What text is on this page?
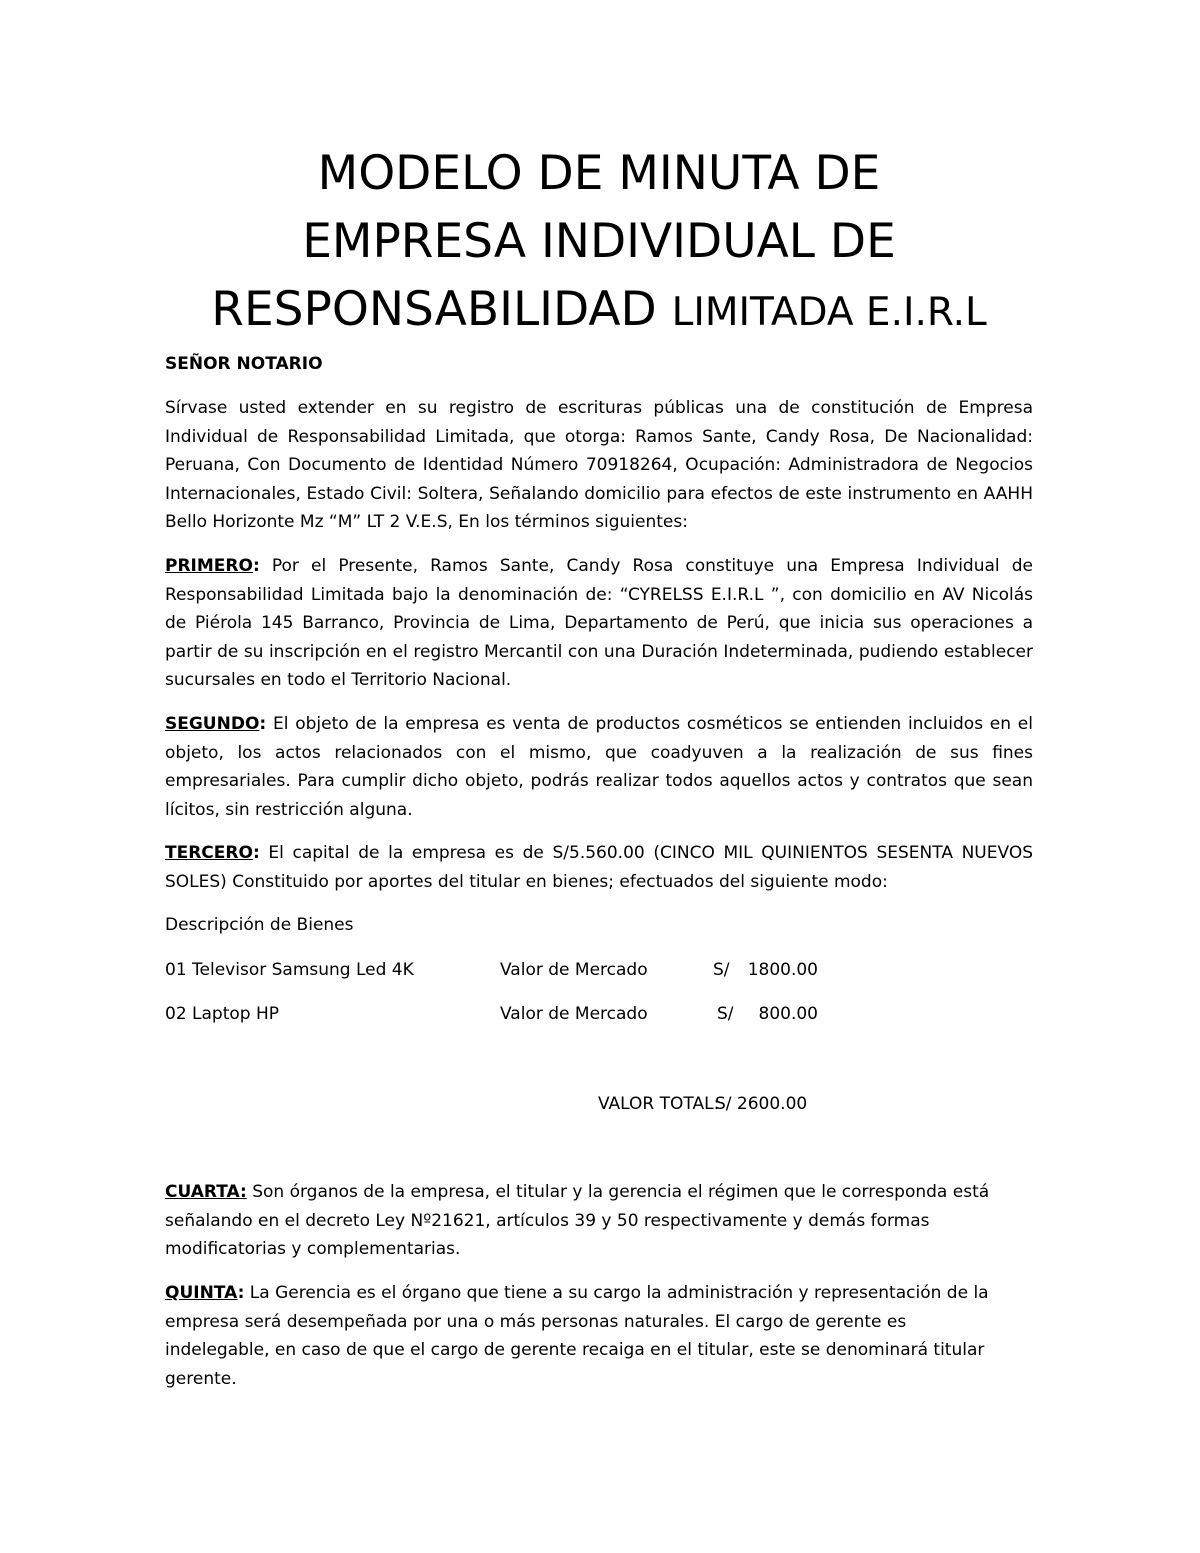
MODELO DE MINUTA DE
EMPRESA INDIVIDUAL DE
RESPONSABILIDAD LIMITADA E.I.R.L

SEÑOR NOTARIO

Sírvase usted extender en su registro de escrituras públicas una de constitución de Empresa Individual de Responsabilidad Limitada, que otorga: Ramos Sante, Candy Rosa, De Nacionalidad: Peruana, Con Documento de Identidad Número 70918264, Ocupación: Administradora de Negocios Internacionales, Estado Civil: Soltera, Señalando domicilio para efectos de este instrumento en AAHH Bello Horizonte Mz “M” LT 2 V.E.S, En los términos siguientes:

PRIMERO: Por el Presente, Ramos Sante, Candy Rosa constituye una Empresa Individual de Responsabilidad Limitada bajo la denominación de: “CYRELSS E.I.R.L ”, con domicilio en AV Nicolás de Piérola 145 Barranco, Provincia de Lima, Departamento de Perú, que inicia sus operaciones a partir de su inscripción en el registro Mercantil con una Duración Indeterminada, pudiendo establecer sucursales en todo el Territorio Nacional.

SEGUNDO: El objeto de la empresa es venta de productos cosméticos se entienden incluidos en el objeto, los actos relacionados con el mismo, que coadyuven a la realización de sus fines empresariales. Para cumplir dicho objeto, podrás realizar todos aquellos actos y contratos que sean lícitos, sin restricción alguna.

TERCERO: El capital de la empresa es de S/5.560.00 (CINCO MIL QUINIENTOS SESENTA NUEVOS SOLES) Constituido por aportes del titular en bienes; efectuados del siguiente modo:

Descripción de Bienes

01 Televisor Samsung Led 4K	Valor de Mercado	S/ 1800.00
02 Laptop HP	Valor de Mercado	S/	800.00
VALOR TOTAL:
S/ 2600.00

CUARTA: Son órganos de la empresa, el titular y la gerencia el régimen que le corresponda está señalando en el decreto Ley Nº21621, artículos 39 y 50 respectivamente y demás formas modificatorias y complementarias.

QUINTA: La Gerencia es el órgano que tiene a su cargo la administración y representación de la empresa será desempeñada por una o más personas naturales. El cargo de gerente es indelegable, en caso de que el cargo de gerente recaiga en el titular, este se denominará titular gerente.
